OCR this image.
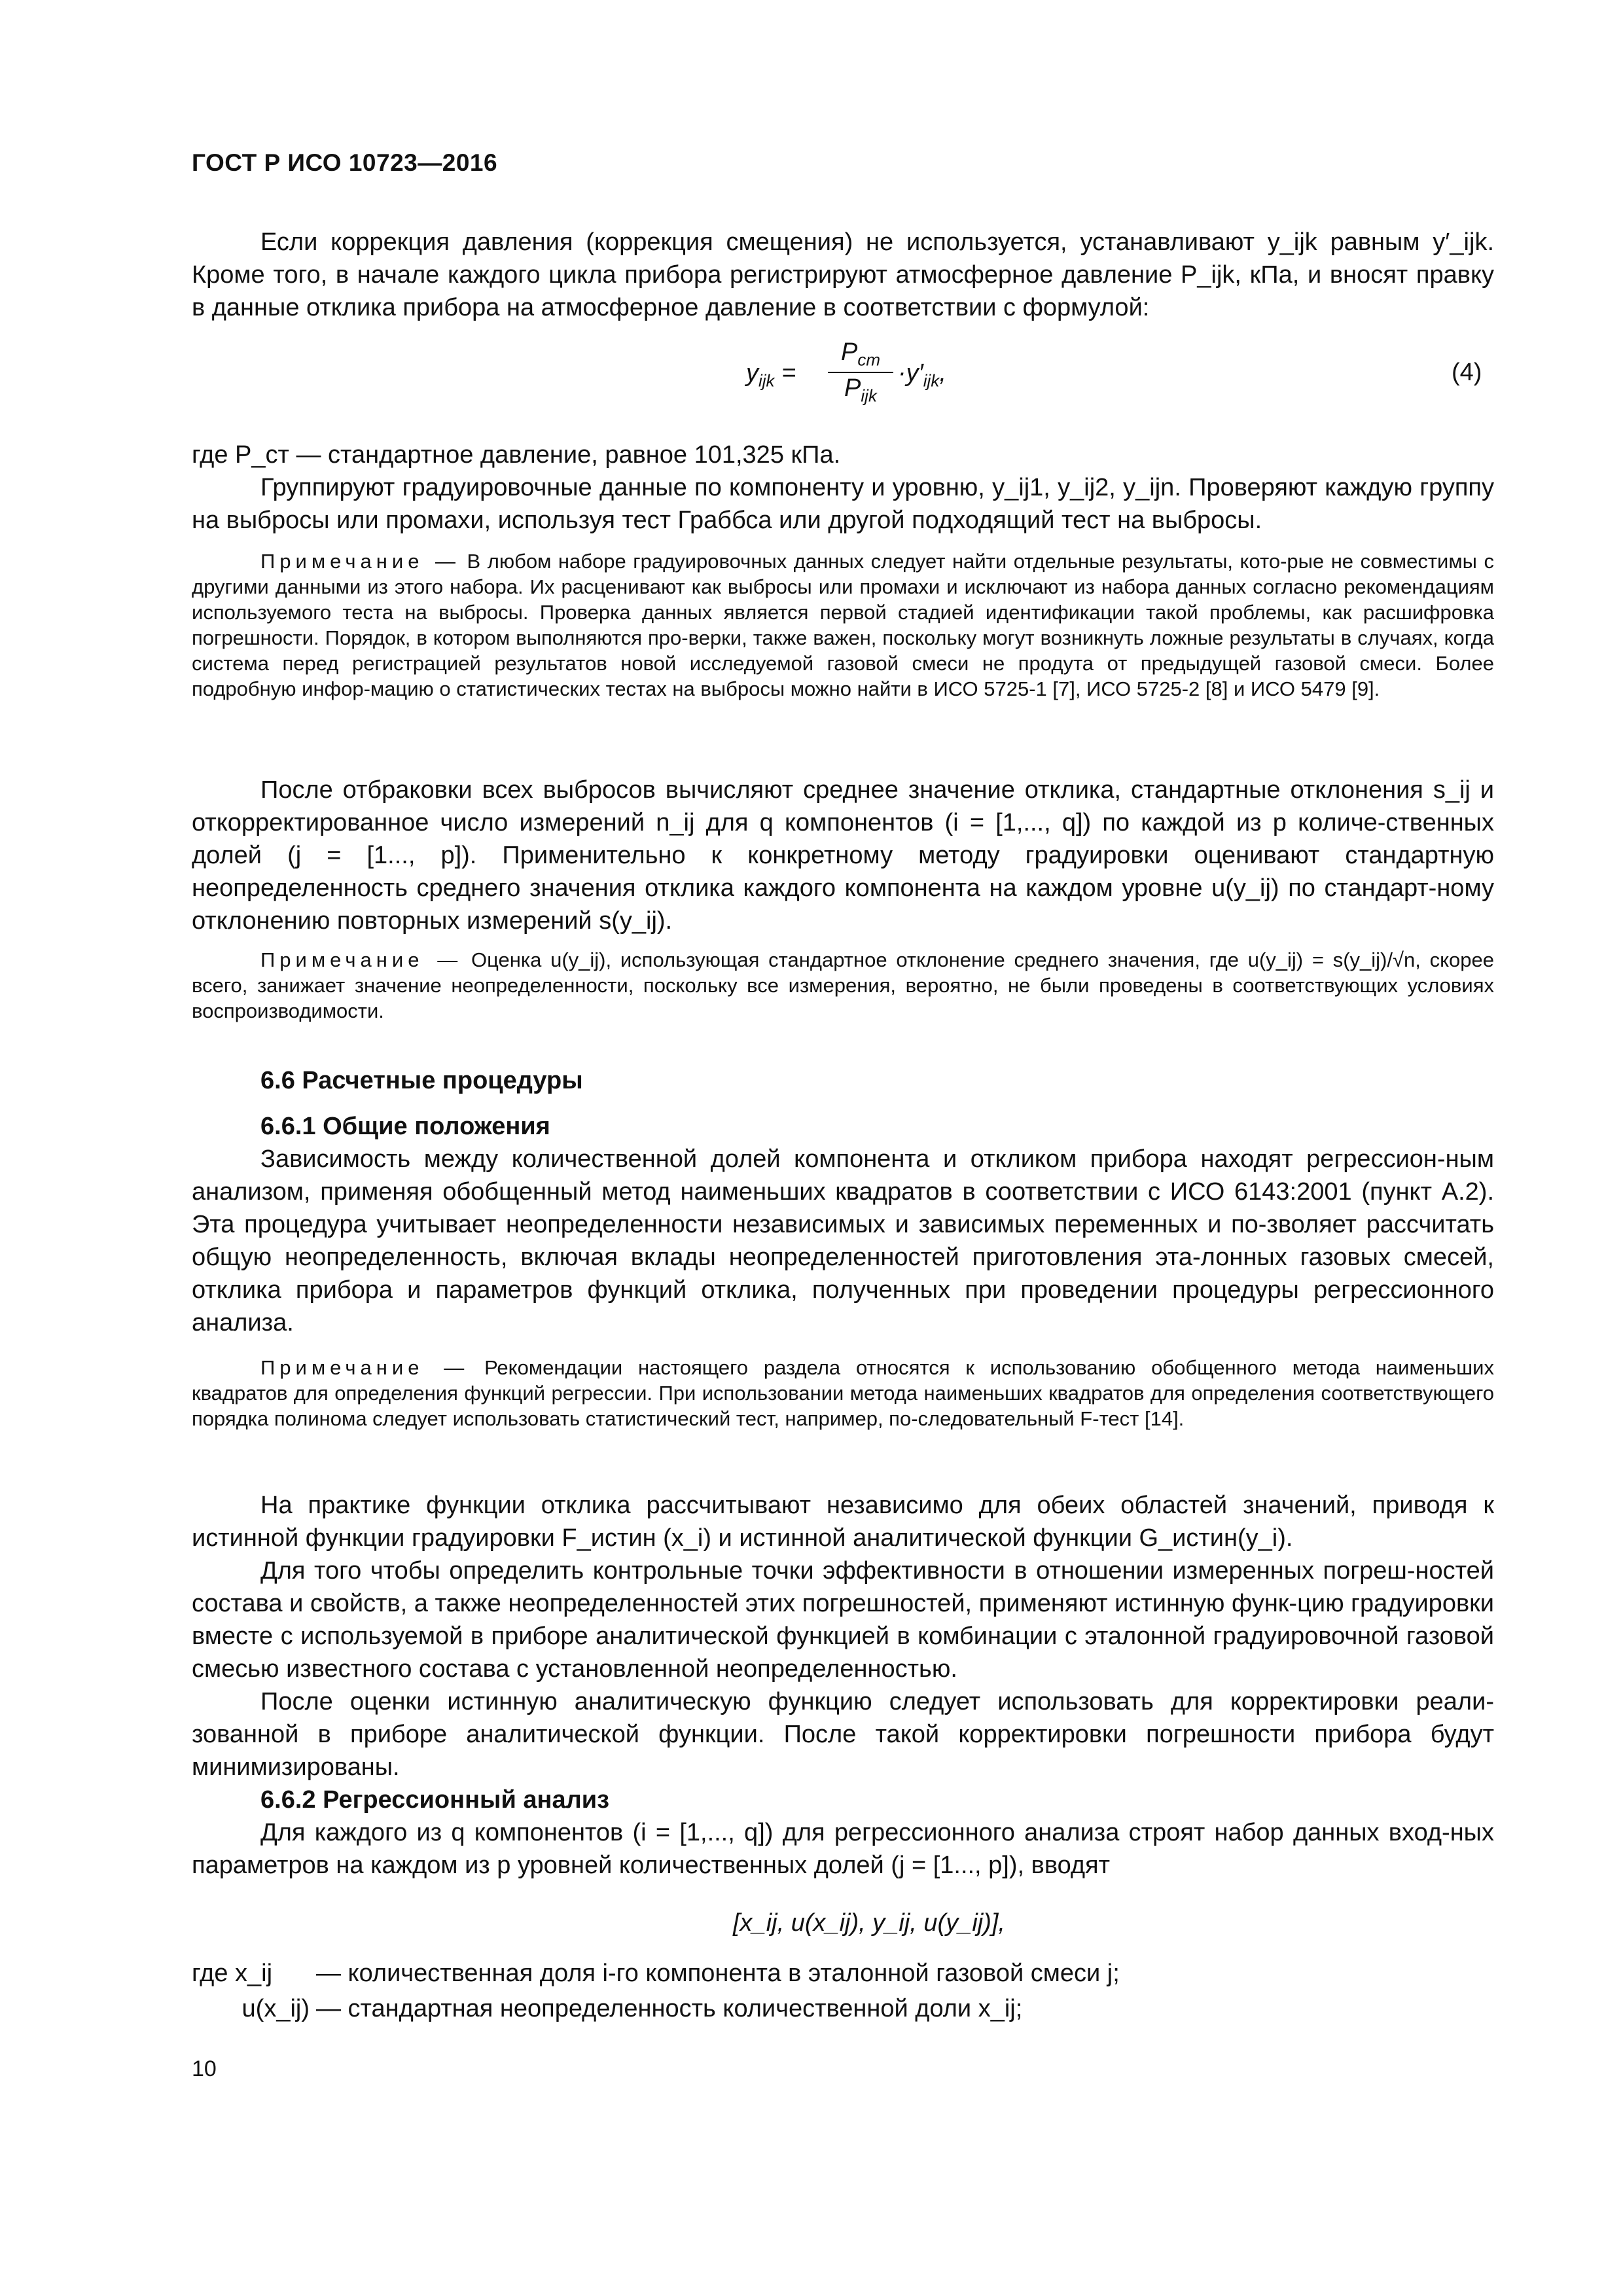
ГОСТ Р ИСО 10723—2016

Если коррекция давления (коррекция смещения) не используется, устанавливают y_ijk равным y′_ijk. Кроме того, в начале каждого цикла прибора регистрируют атмосферное давление P_ijk, кПа, и вносят правку в данные отклика прибора на атмосферное давление в соответствии с формулой:

$y_{ijk}$ =
$P_{ст}$
$P_{ijk}$
$\cdot y'_{ijk}$,	(4)

где P_ст — стандартное давление, равное 101,325 кПа.

Группируют градуировочные данные по компоненту и уровню, y_ij1, y_ij2, y_ijn. Проверяют каждую группу на выбросы или промахи, используя тест Граббса или другой подходящий тест на выбросы.

Примечание — В любом наборе градуировочных данных следует найти отдельные результаты, кото-рые не совместимы с другими данными из этого набора. Их расценивают как выбросы или промахи и исключают из набора данных согласно рекомендациям используемого теста на выбросы. Проверка данных является первой стадией идентификации такой проблемы, как расшифровка погрешности. Порядок, в котором выполняются про-верки, также важен, поскольку могут возникнуть ложные результаты в случаях, когда система перед регистрацией результатов новой исследуемой газовой смеси не продута от предыдущей газовой смеси. Более подробную инфор-мацию о статистических тестах на выбросы можно найти в ИСО 5725-1 [7], ИСО 5725-2 [8] и ИСО 5479 [9].

После отбраковки всех выбросов вычисляют среднее значение отклика, стандартные отклонения s_ij и откорректированное число измерений n_ij для q компонентов (i = [1,..., q]) по каждой из p количе-ственных долей (j = [1..., p]). Применительно к конкретному методу градуировки оценивают стандартную неопределенность среднего значения отклика каждого компонента на каждом уровне u(y_ij) по стандарт-ному отклонению повторных измерений s(y_ij).

Примечание — Оценка u(y_ij), использующая стандартное отклонение среднего значения, где u(y_ij) = s(y_ij)/√n, скорее всего, занижает значение неопределенности, поскольку все измерения, вероятно, не были проведены в соответствующих условиях воспроизводимости.

6.6 Расчетные процедуры

6.6.1 Общие положения

Зависимость между количественной долей компонента и откликом прибора находят регрессион-ным анализом, применяя обобщенный метод наименьших квадратов в соответствии с ИСО 6143:2001 (пункт А.2). Эта процедура учитывает неопределенности независимых и зависимых переменных и по-зволяет рассчитать общую неопределенность, включая вклады неопределенностей приготовления эта-лонных газовых смесей, отклика прибора и параметров функций отклика, полученных при проведении процедуры регрессионного анализа.

Примечание — Рекомендации настоящего раздела относятся к использованию обобщенного метода наименьших квадратов для определения функций регрессии. При использовании метода наименьших квадратов для определения соответствующего порядка полинома следует использовать статистический тест, например, по-следовательный F-тест [14].

На практике функции отклика рассчитывают независимо для обеих областей значений, приводя к истинной функции градуировки F_истин (x_i) и истинной аналитической функции G_истин(y_i).

Для того чтобы определить контрольные точки эффективности в отношении измеренных погреш-ностей состава и свойств, а также неопределенностей этих погрешностей, применяют истинную функ-цию градуировки вместе с используемой в приборе аналитической функцией в комбинации с эталонной градуировочной газовой смесью известного состава с установленной неопределенностью.

После оценки истинную аналитическую функцию следует использовать для корректировки реали-зованной в приборе аналитической функции. После такой корректировки погрешности прибора будут минимизированы.

6.6.2 Регрессионный анализ

Для каждого из q компонентов (i = [1,..., q]) для регрессионного анализа строят набор данных вход-ных параметров на каждом из p уровней количественных долей (j = [1..., p]), вводят

[x_ij, u(x_ij), y_ij, u(y_ij)],
где x_ij — количественная доля i-го компонента в эталонной газовой смеси j;
u(x_ij) — стандартная неопределенность количественной доли x_ij;
10
